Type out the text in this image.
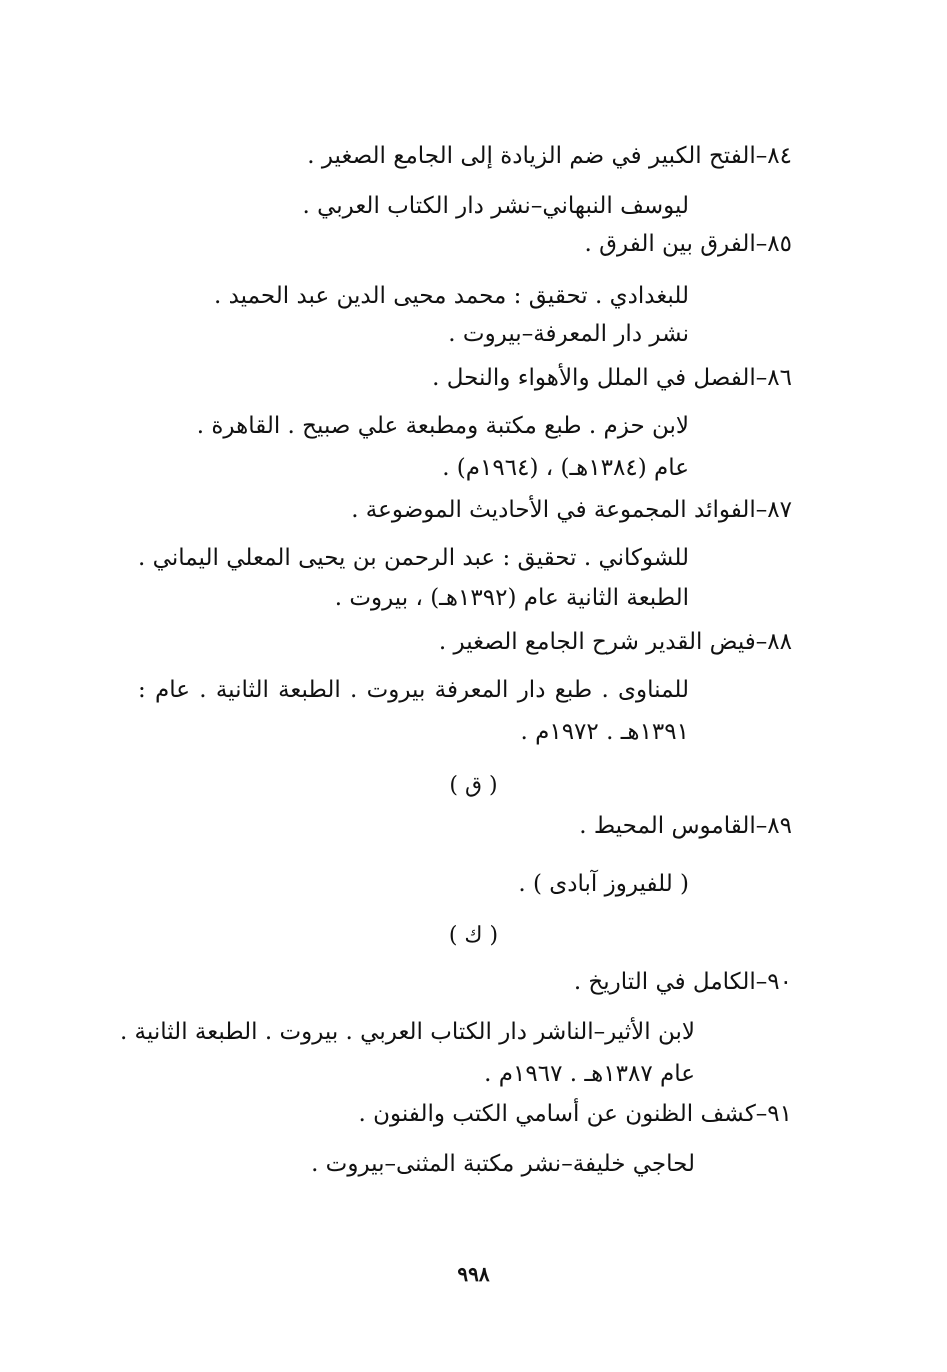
٨٤–الفتح الكبير في ضم الزيادة إلى الجامع الصغير .
ليوسف النبهاني–نشر دار الكتاب العربي .
٨٥–الفرق بين الفرق .
للبغدادي . تحقيق : محمد محيى الدين عبد الحميد .
نشر دار المعرفة–بيروت .
٨٦–الفصل في الملل والأهواء والنحل .
لابن حزم . طبع مكتبة ومطبعة علي صبيح . القاهرة .
عام (١٣٨٤هـ) ، (١٩٦٤م) .
٨٧–الفوائد المجموعة في الأحاديث الموضوعة .
للشوكاني . تحقيق : عبد الرحمن بن يحيى المعلي اليماني .
الطبعة الثانية عام (١٣٩٢هـ) ، بيروت .
٨٨–فيض القدير شرح الجامع الصغير .
للمناوى . طبع دار المعرفة بيروت . الطبعة الثانية . عام :
١٣٩١هـ . ١٩٧٢م .
( ق )
٨٩–القاموس المحيط .
( للفيروز آبادى ) .
( ك )
٩٠–الكامل في التاريخ .
لابن الأثير–الناشر دار الكتاب العربي . بيروت . الطبعة الثانية .
عام ١٣٨٧هـ . ١٩٦٧م .
٩١–كشف الظنون عن أسامي الكتب والفنون .
لحاجي خليفة–نشر مكتبة المثنى–بيروت .
٩٩٨
